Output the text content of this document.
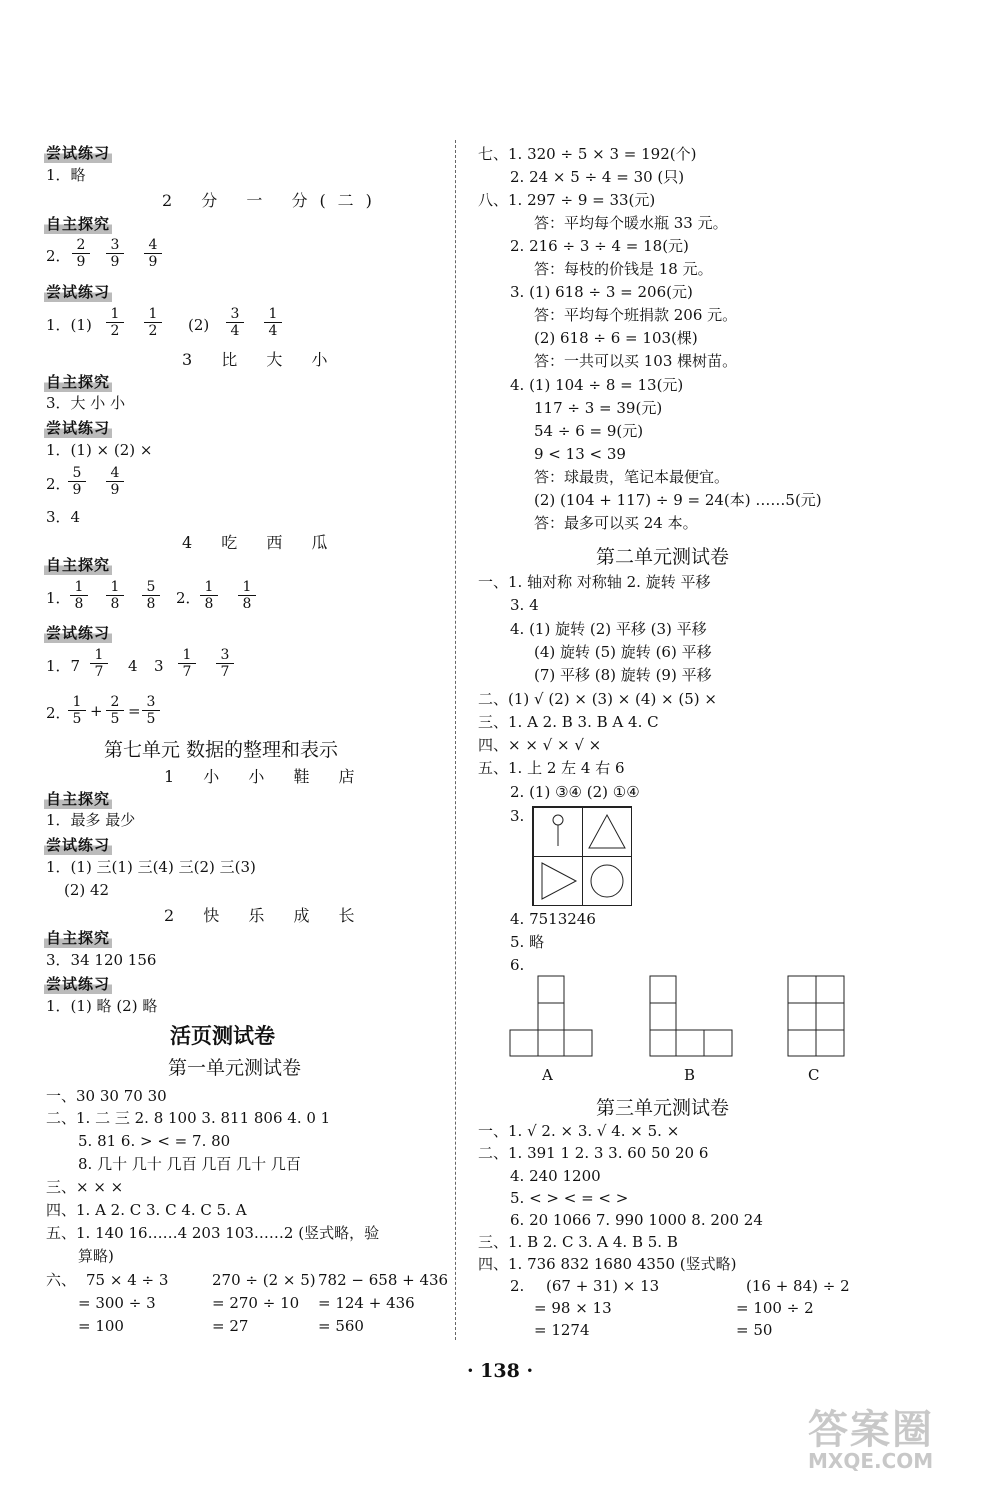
尝试练习
1．略
2 分 一 分(二)
自主探究
2．
2
9
3
9
4
9
尝试练习
1．(1)
1
2
1
2	(2)
3
4
1
4
3 比 大 小
自主探究
3．大 小 小
尝试练习
1．(1) × (2) ×
2．
5
9
4
9
3．4
4 吃 西 瓜
自主探究
1．
1
8
1
8
5
8	2．
1
8
1
8
尝试练习
1．7
1
7	4 3
1
7
3
7
2．
1
5 + 2
5 = 3
5
第七单元 数据的整理和表示
1 小 小 鞋 店
自主探究
1．最多 最少
尝试练习
1．(1) 三(1) 三(4) 三(2) 三(3)
(2) 42
2 快 乐 成 长
自主探究
3．34 120 156
尝试练习
1．(1) 略 (2) 略
活页测试卷
第一单元测试卷
一、30 30 70 30
二、1. 二 三 2. 8 100 3. 811 806 4. 0 1
5. 81 6. > < = 7. 80
8. 几十 几十 几百 几百 几十 几百
三、× × ×
四、1. A 2. C 3. C 4. C 5. A
五、1. 140 16……4 203 103……2 (竖式略，验
算略)
六、 75 × 4 ÷ 3
= 300 ÷ 3
= 100
270 ÷ (2 × 5)
= 270 ÷ 10
= 27
782 − 658 + 436
= 124 + 436
= 560
七、1. 320 ÷ 5 × 3 = 192(个)
2. 24 × 5 ÷ 4 = 30 (只)
八、1. 297 ÷ 9 = 33(元)
答：平均每个暖水瓶 33 元。
2. 216 ÷ 3 ÷ 4 = 18(元)
答：每枝的价钱是 18 元。
3. (1) 618 ÷ 3 = 206(元)
答：平均每个班捐款 206 元。
(2) 618 ÷ 6 = 103(棵)
答：一共可以买 103 棵树苗。
4. (1) 104 ÷ 8 = 13(元)
117 ÷ 3 = 39(元)
54 ÷ 6 = 9(元)
9 < 13 < 39
答：球最贵，笔记本最便宜。
(2) (104 + 117) ÷ 9 = 24(本) ……5(元)
答：最多可以买 24 本。
第二单元测试卷
一、1. 轴对称 对称轴 2. 旋转 平移
3. 4
4. (1) 旋转 (2) 平移 (3) 平移
(4) 旋转 (5) 旋转 (6) 平移
(7) 平移 (8) 旋转 (9) 平移
二、(1) √ (2) × (3) × (4) × (5) ×
三、1. A 2. B 3. B A 4. C
四、× × √ × √ ×
五、1. 上 2 左 4 右 6
2. (1) ③④ (2) ①④
3.
4. 7513246
5. 略
6.
A	B	C
第三单元测试卷
一、1. √ 2. × 3. √ 4. × 5. ×
二、1. 391 1 2. 3 3. 60 50 20 6
4. 240 1200
5. < > < = < >
6. 20 1066 7. 990 1000 8. 200 24
三、1. B 2. C 3. A 4. B 5. B
四、1. 736 832 1680 4350 (竖式略)
2. (67 + 31) × 13
= 98 × 13
= 1274
(16 + 84) ÷ 2
= 100 ÷ 2
= 50
· 138 ·
答案圈
MXQE.COM
